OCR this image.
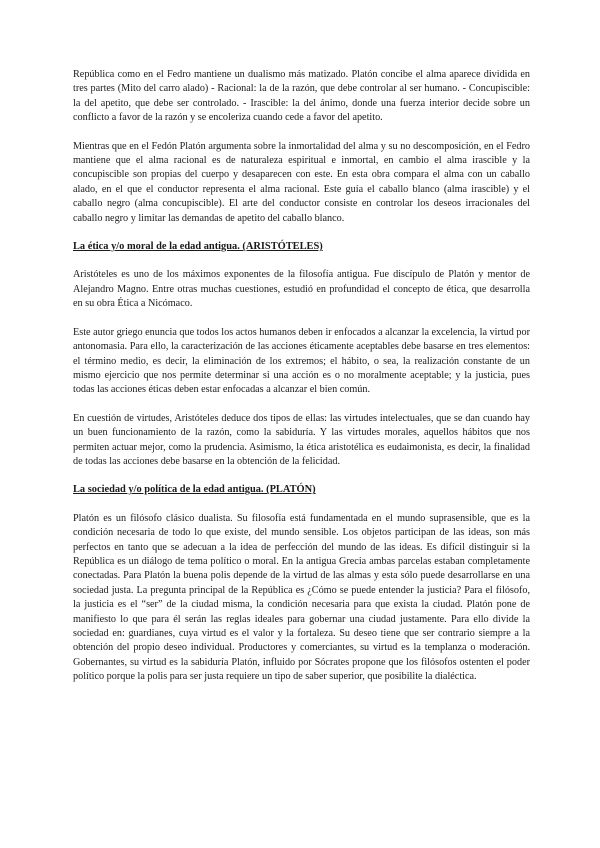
República como en el Fedro mantiene un dualismo más matizado. Platón concibe el alma aparece dividida en tres partes (Mito del carro alado) - Racional: la de la razón, que debe controlar al ser humano. - Concupiscible: la del apetito, que debe ser controlado. - Irascible: la del ánimo, donde una fuerza interior decide sobre un conflicto a favor de la razón y se encoleriza cuando cede a favor del apetito.

Mientras que en el Fedón Platón argumenta sobre la inmortalidad del alma y su no descomposición, en el Fedro mantiene que el alma racional es de naturaleza espiritual e inmortal, en cambio el alma irascible y la concupiscible son propias del cuerpo y desaparecen con este. En esta obra compara el alma con un caballo alado, en el que el conductor representa el alma racional. Este guía el caballo blanco (alma irascible) y el caballo negro (alma concupiscible). El arte del conductor consiste en controlar los deseos irracionales del caballo negro y limitar las demandas de apetito del caballo blanco.

La ética y/o moral de la edad antigua. (ARISTÓTELES)

Aristóteles es uno de los máximos exponentes de la filosofía antigua. Fue discípulo de Platón y mentor de Alejandro Magno. Entre otras muchas cuestiones, estudió en profundidad el concepto de ética, que desarrolla en su obra Ética a Nicómaco.

Este autor griego enuncia que todos los actos humanos deben ir enfocados a alcanzar la excelencia, la virtud por antonomasia. Para ello, la caracterización de las acciones éticamente aceptables debe basarse en tres elementos: el término medio, es decir, la eliminación de los extremos; el hábito, o sea, la realización constante de un mismo ejercicio que nos permite determinar si una acción es o no moralmente aceptable; y la justicia, pues todas las acciones éticas deben estar enfocadas a alcanzar el bien común.

En cuestión de virtudes, Aristóteles deduce dos tipos de ellas: las virtudes intelectuales, que se dan cuando hay un buen funcionamiento de la razón, como la sabiduría. Y las virtudes morales, aquellos hábitos que nos permiten actuar mejor, como la prudencia. Asimismo, la ética aristotélica es eudaimonista, es decir, la finalidad de todas las acciones debe basarse en la obtención de la felicidad.

La sociedad y/o política de la edad antigua. (PLATÓN)

Platón es un filósofo clásico dualista. Su filosofía está fundamentada en el mundo suprasensible, que es la condición necesaria de todo lo que existe, del mundo sensible. Los objetos participan de las ideas, son más perfectos en tanto que se adecuan a la idea de perfección del mundo de las ideas. Es difícil distinguir si la República es un diálogo de tema político o moral. En la antigua Grecia ambas parcelas estaban completamente conectadas. Para Platón la buena polis depende de la virtud de las almas y esta sólo puede desarrollarse en una sociedad justa. La pregunta principal de la República es ¿Cómo se puede entender la justicia? Para el filósofo, la justicia es el “ser” de la ciudad misma, la condición necesaria para que exista la ciudad. Platón pone de manifiesto lo que para él serán las reglas ideales para gobernar una ciudad justamente. Para ello divide la sociedad en: guardianes, cuya virtud es el valor y la fortaleza. Su deseo tiene que ser contrario siempre a la obtención del propio deseo individual. Productores y comerciantes, su virtud es la templanza o moderación. Gobernantes, su virtud es la sabiduría Platón, influido por Sócrates propone que los filósofos ostenten el poder político porque la polis para ser justa requiere un tipo de saber superior, que posibilite la dialéctica.
